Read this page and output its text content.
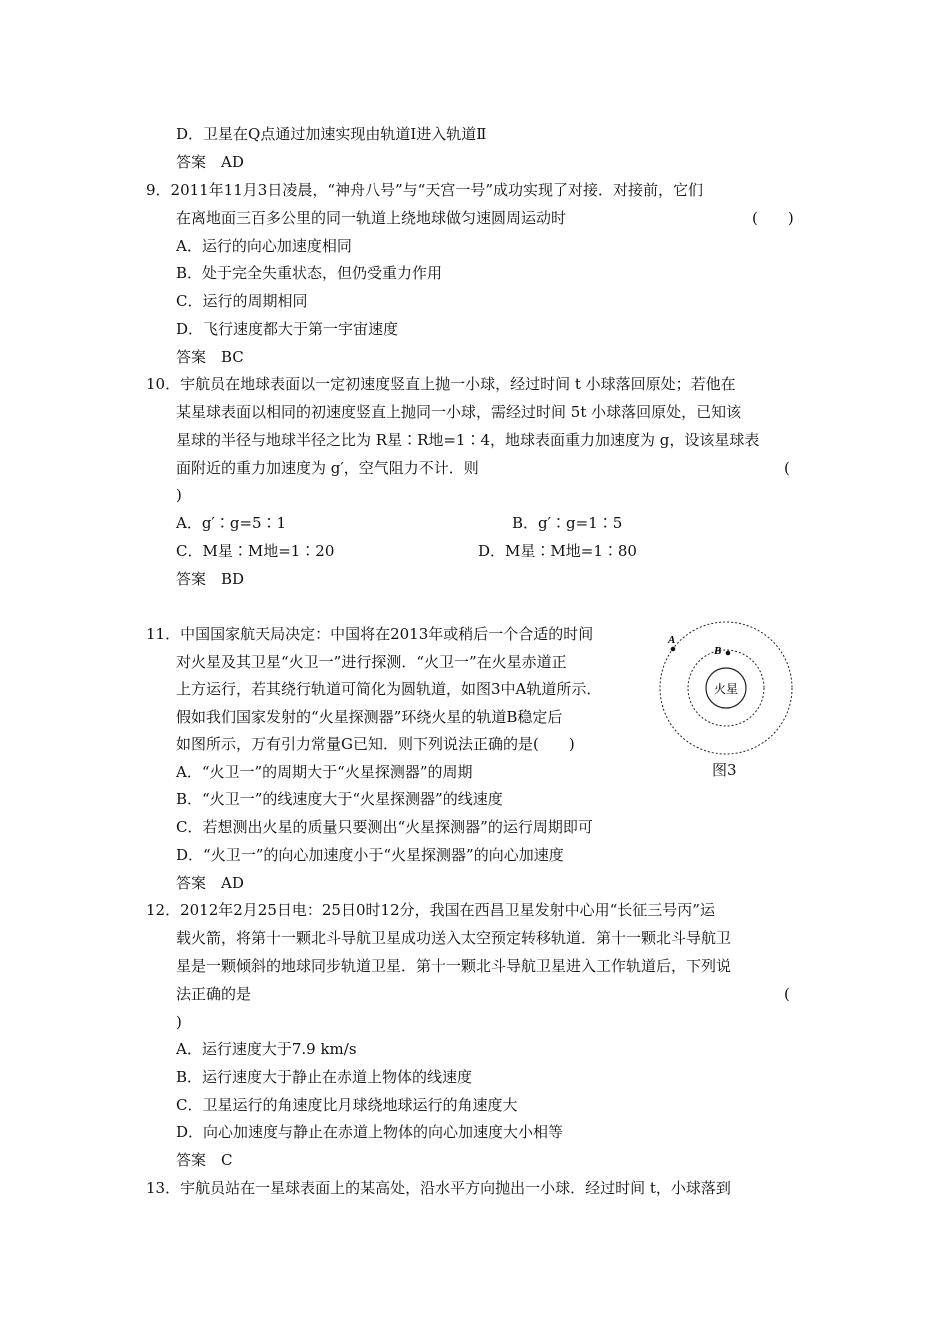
D．卫星在Q点通过加速实现由轨道Ⅰ进入轨道Ⅱ
答案　AD
9．2011年11月3日凌晨，“神舟八号”与“天宫一号”成功实现了对接．对接前，它们
在离地面三百多公里的同一轨道上绕地球做匀速圆周运动时	(　　)
A．运行的向心加速度相同
B．处于完全失重状态，但仍受重力作用
C．运行的周期相同
D．飞行速度都大于第一宇宙速度
答案　BC
10．宇航员在地球表面以一定初速度竖直上抛一小球，经过时间 t 小球落回原处；若他在
某星球表面以相同的初速度竖直上抛同一小球，需经过时间 5t 小球落回原处，已知该
星球的半径与地球半径之比为 R星∶R地=1∶4，地球表面重力加速度为 g，设该星球表
面附近的重力加速度为 g′，空气阻力不计．则	(
)
A．g′∶g=5∶1	B．g′∶g=1∶5
C．M星∶M地=1∶20	D．M星∶M地=1∶80
答案　BD
11．中国国家航天局决定：中国将在2013年或稍后一个合适的时间
对火星及其卫星“火卫一”进行探测．“火卫一”在火星赤道正
上方运行，若其绕行轨道可简化为圆轨道，如图3中A轨道所示．
假如我们国家发射的“火星探测器”环绕火星的轨道B稳定后
如图所示，万有引力常量G已知．则下列说法正确的是(　　)
A．“火卫一”的周期大于“火星探测器”的周期
B．“火卫一”的线速度大于“火星探测器”的线速度
C．若想测出火星的质量只要测出“火星探测器”的运行周期即可
D．“火卫一”的向心加速度小于“火星探测器”的向心加速度
答案　AD
A
B
火星
图3
12．2012年2月25日电：25日0时12分，我国在西昌卫星发射中心用“长征三号丙”运
载火箭，将第十一颗北斗导航卫星成功送入太空预定转移轨道．第十一颗北斗导航卫
星是一颗倾斜的地球同步轨道卫星．第十一颗北斗导航卫星进入工作轨道后，下列说
法正确的是	(
)
A．运行速度大于7.9 km/s
B．运行速度大于静止在赤道上物体的线速度
C．卫星运行的角速度比月球绕地球运行的角速度大
D．向心加速度与静止在赤道上物体的向心加速度大小相等
答案　C
13．宇航员站在一星球表面上的某高处，沿水平方向抛出一小球．经过时间 t，小球落到
